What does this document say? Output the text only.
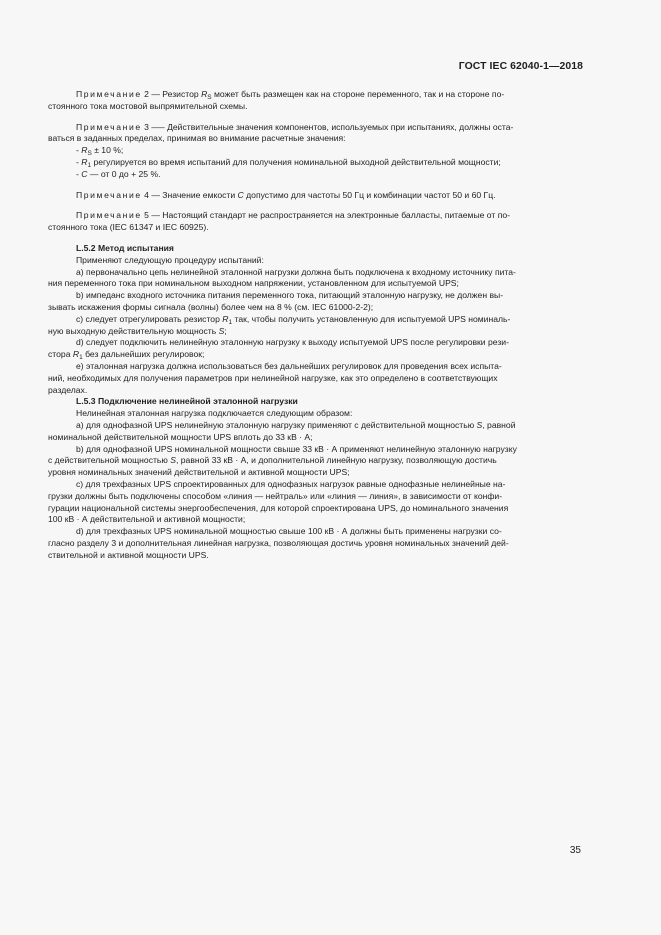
ГОСТ IEC 62040-1—2018
Примечание 2 — Резистор $R_S$ может быть размещен как на стороне переменного, так и на стороне по-
стоянного тока мостовой выпрямительной схемы.
Примечание 3 —– Действительные значения компонентов, используемых при испытаниях, должны оста-
ваться в заданных пределах, принимая во внимание расчетные значения:
- $R_S \pm 10$ %;
- $R_1$ регулируется во время испытаний для получения номинальной выходной действительной мощности;
- C — от 0 до + 25 %.
Примечание 4 — Значение емкости C допустимо для частоты 50 Гц и комбинации частот 50 и 60 Гц.
Примечание 5 — Настоящий стандарт не распространяется на электронные балласты, питаемые от по-
стоянного тока (IEC 61347 и IEC 60925).
L.5.2 Метод испытания
Применяют следующую процедуру испытаний:
а) первоначально цепь нелинейной эталонной нагрузки должна быть подключена к входному источнику пита-
ния переменного тока при номинальном выходном напряжении, установленном для испытуемой UPS;
b) импеданс входного источника питания переменного тока, питающий эталонную нагрузку, не должен вы-
зывать искажения формы сигнала (волны) более чем на 8 % (см. IEC 61000-2-2);
с) следует отрегулировать резистор $R_1$ так, чтобы получить установленную для испытуемой UPS номиналь-
ную выходную действительную мощность S;
d) следует подключить нелинейную эталонную нагрузку к выходу испытуемой UPS после регулировки рези-
стора $R_1$ без дальнейших регулировок;
е) эталонная нагрузка должна использоваться без дальнейших регулировок для проведения всех испыта-
ний, необходимых для получения параметров при нелинейной нагрузке, как это определено в соответствующих
разделах.
L.5.3 Подключение нелинейной эталонной нагрузки
Нелинейная эталонная нагрузка подключается следующим образом:
а) для однофазной UPS нелинейную эталонную нагрузку применяют с действительной мощностью S, равной
номинальной действительной мощности UPS вплоть до 33 кВ · А;
b) для однофазной UPS номинальной мощности свыше 33 кВ · А применяют нелинейную эталонную нагрузку
с действительной мощностью S, равной 33 кВ · А, и дополнительной линейную нагрузку, позволяющую достичь
уровня номинальных значений действительной и активной мощности UPS;
с) для трехфазных UPS спроектированных для однофазных нагрузок равные однофазные нелинейные на-
грузки должны быть подключены способом «линия — нейтраль» или «линия — линия», в зависимости от конфи-
гурации национальной системы энергообеспечения, для которой спроектирована UPS, до номинального значения
100 кВ · А действительной и активной мощности;
d) для трехфазных UPS номинальной мощностью свыше 100 кВ · А должны быть применены нагрузки со-
гласно разделу 3 и дополнительная линейная нагрузка, позволяющая достичь уровня номинальных значений дей-
ствительной и активной мощности UPS.
35
